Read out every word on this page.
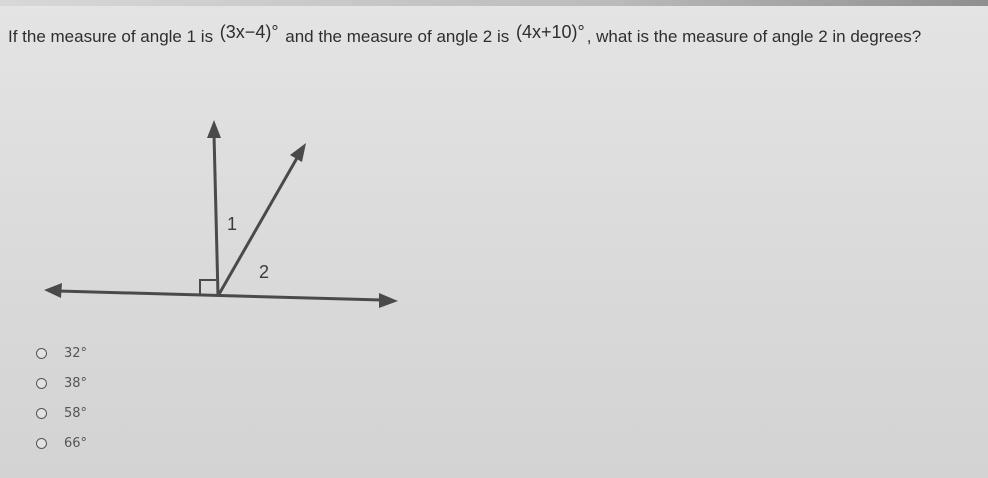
If the measure of angle 1 is (3x−4)° and the measure of angle 2 is (4x+10)° , what is the measure of angle 2 in degrees?
1
2
32°
38°
58°
66°
